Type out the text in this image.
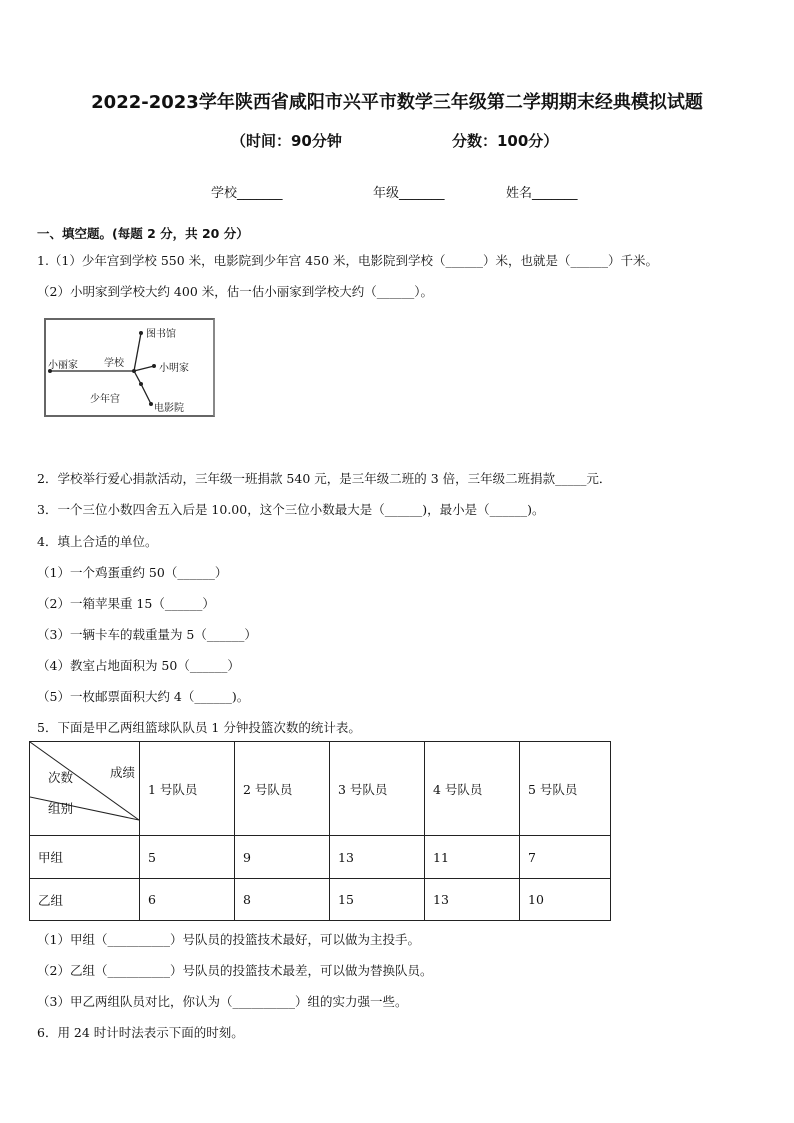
2022-2023学年陕西省咸阳市兴平市数学三年级第二学期期末经典模拟试题
（时间：90分钟	分数：100分）
学校_______	年级_______	姓名_______
一、填空题。(每题 2 分，共 20 分）
1.（1）少年宫到学校 550 米，电影院到少年宫 450 米，电影院到学校（______）米，也就是（______）千米。
（2）小明家到学校大约 400 米，估一估小丽家到学校大约（______）。
图书馆
小丽家	学校	小明家
少年宫
电影院
2．学校举行爱心捐款活动，三年级一班捐款 540 元，是三年级二班的 3 倍，三年级二班捐款_____元．
3．一个三位小数四舍五入后是 10.00，这个三位小数最大是（______)，最小是（______)。
4．填上合适的单位。
（1）一个鸡蛋重约 50（______）
（2）一箱苹果重 15（______）
（3）一辆卡车的载重量为 5（______）
（4）教室占地面积为 50（______）
（5）一枚邮票面积大约 4（______)。
5．下面是甲乙两组篮球队队员 1 分钟投篮次数的统计表。
次数 成绩
组别	1 号队员	2 号队员	3 号队员	4 号队员	5 号队员
甲组	5	9	13	11	7
乙组	6	8	15	13	10
（1）甲组（__________）号队员的投篮技术最好，可以做为主投手。
（2）乙组（__________）号队员的投篮技术最差，可以做为替换队员。
（3）甲乙两组队员对比，你认为（__________）组的实力强一些。
6．用 24 时计时法表示下面的时刻。
